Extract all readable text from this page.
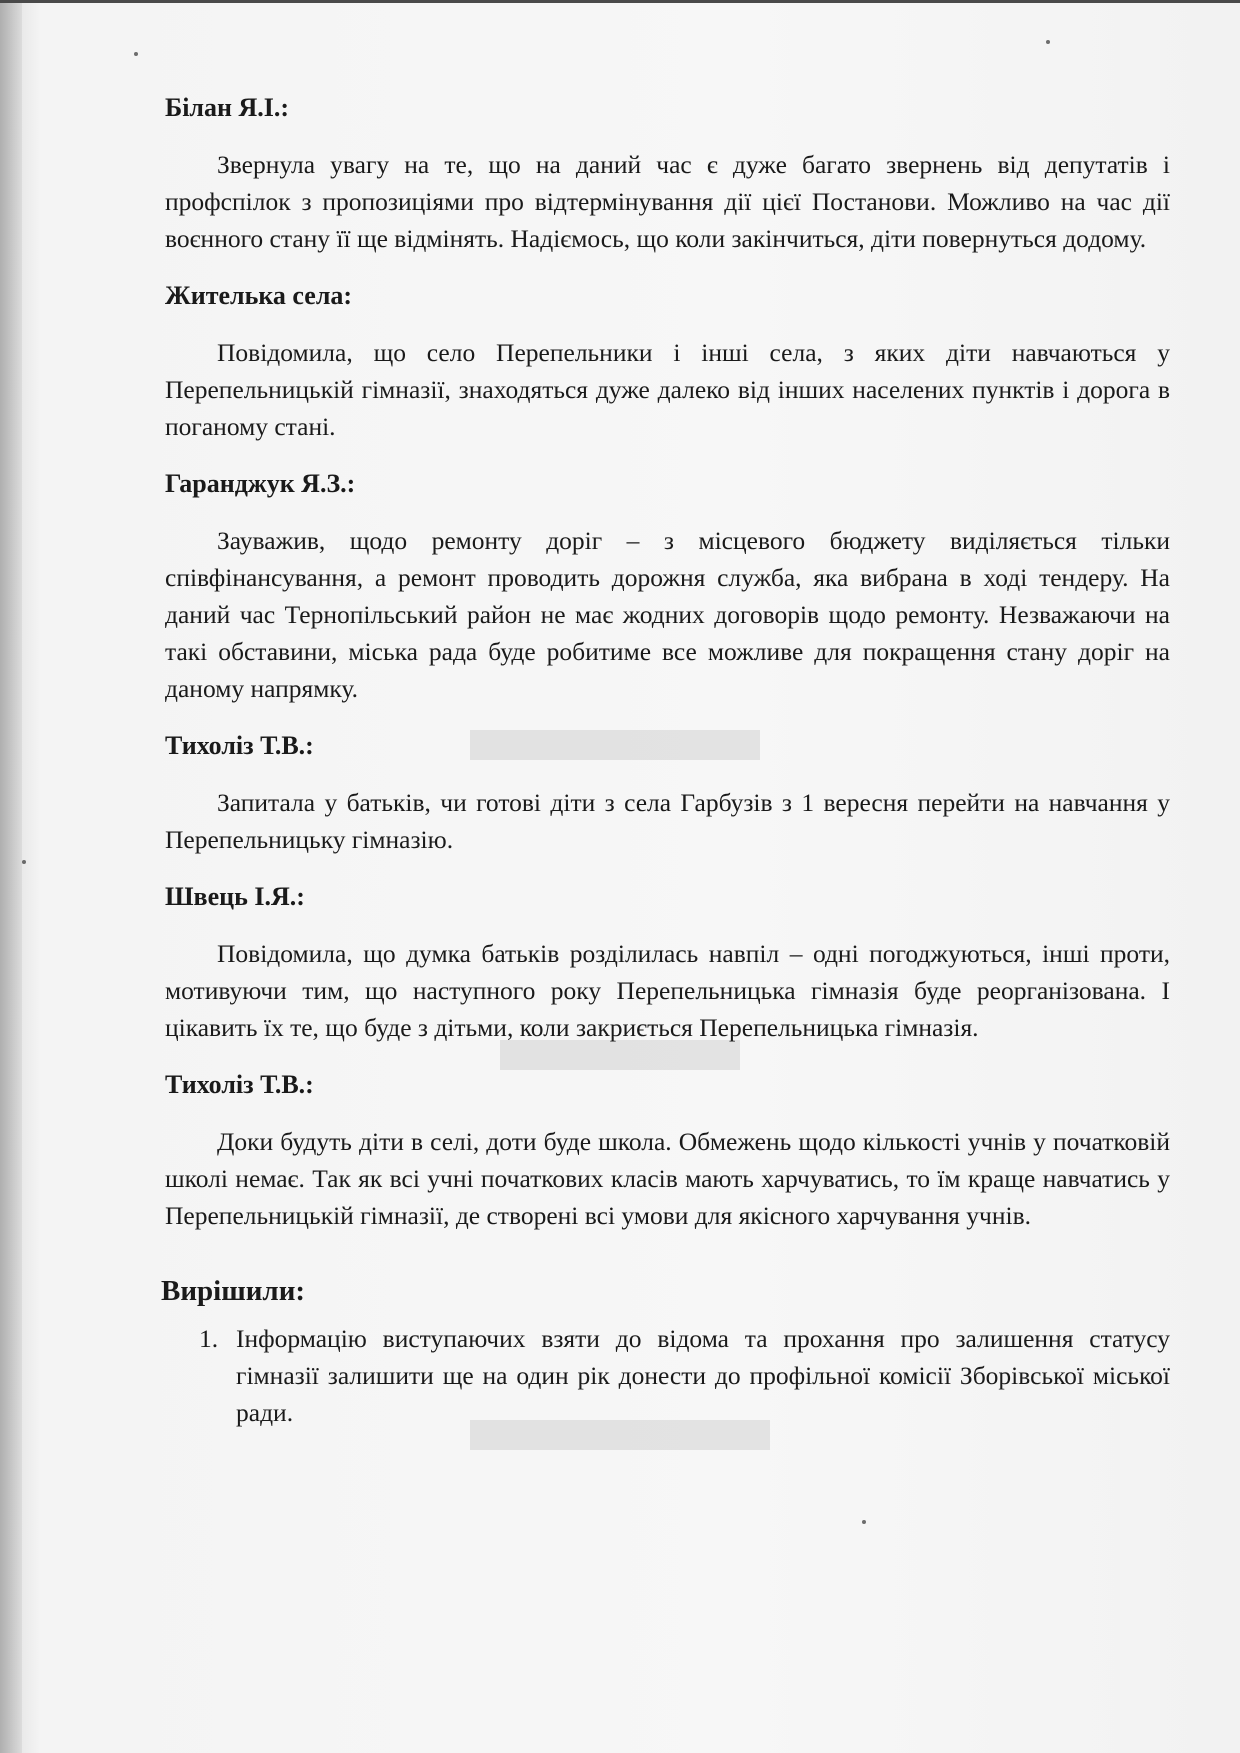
Білан Я.І.:

Звернула увагу на те, що на даний час є дуже багато звернень від депутатів і профспілок з пропозиціями про відтермінування дії цієї Постанови. Можливо на час дії воєнного стану її ще відмінять. Надіємось, що коли закінчиться, діти повернуться додому.

Жителька села:

Повідомила, що село Перепельники і інші села, з яких діти навчаються у Перепельницькій гімназії, знаходяться дуже далеко від інших населених пунктів і дорога в поганому стані.

Гаранджук Я.З.:

Зауважив, щодо ремонту доріг – з місцевого бюджету виділяється тільки співфінансування, а ремонт проводить дорожня служба, яка вибрана в ході тендеру. На даний час Тернопільський район не має жодних договорів щодо ремонту. Незважаючи на такі обставини, міська рада буде робитиме все можливе для покращення стану доріг на даному напрямку.

Тихоліз Т.В.:

Запитала у батьків, чи готові діти з села Гарбузів з 1 вересня перейти на навчання у Перепельницьку гімназію.

Швець І.Я.:

Повідомила, що думка батьків розділилась навпіл – одні погоджуються, інші проти, мотивуючи тим, що наступного року Перепельницька гімназія буде реорганізована. І цікавить їх те, що буде з дітьми, коли закриється Перепельницька гімназія.

Тихоліз Т.В.:

Доки будуть діти в селі, доти буде школа. Обмежень щодо кількості учнів у початковій школі немає. Так як всі учні початкових класів мають харчуватись, то їм краще навчатись у Перепельницькій гімназії, де створені всі умови для якісного харчування учнів.

Вирішили:
1. Інформацію виступаючих взяти до відома та прохання про залишення статусу гімназії залишити ще на один рік донести до профільної комісії Зборівської міської ради.
